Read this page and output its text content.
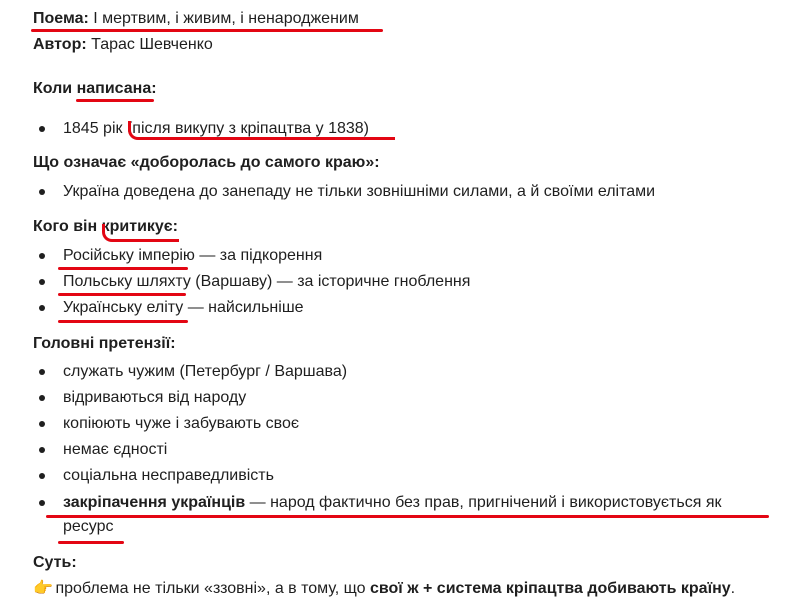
Поема: І мертвим, і живим, і ненародженим
Автор: Тарас Шевченко
Коли написана:
1845 рік (після викупу з кріпацтва у 1838)
Що означає «доборолась до самого краю»:
Україна доведена до занепаду не тільки зовнішніми силами, а й своїми елітами
Кого він критикує:
Російську імперію — за підкорення
Польську шляхту (Варшаву) — за історичне гноблення
Українську еліту — найсильніше
Головні претензії:
служать чужим (Петербург / Варшава)
відриваються від народу
копіюють чуже і забувають своє
немає єдності
соціальна несправедливість
закріпачення українців — народ фактично без прав, пригнічений і використовується як
ресурс
Суть:
👉 проблема не тільки «ззовні», а в тому, що свої ж + система кріпацтва добивають країну.
